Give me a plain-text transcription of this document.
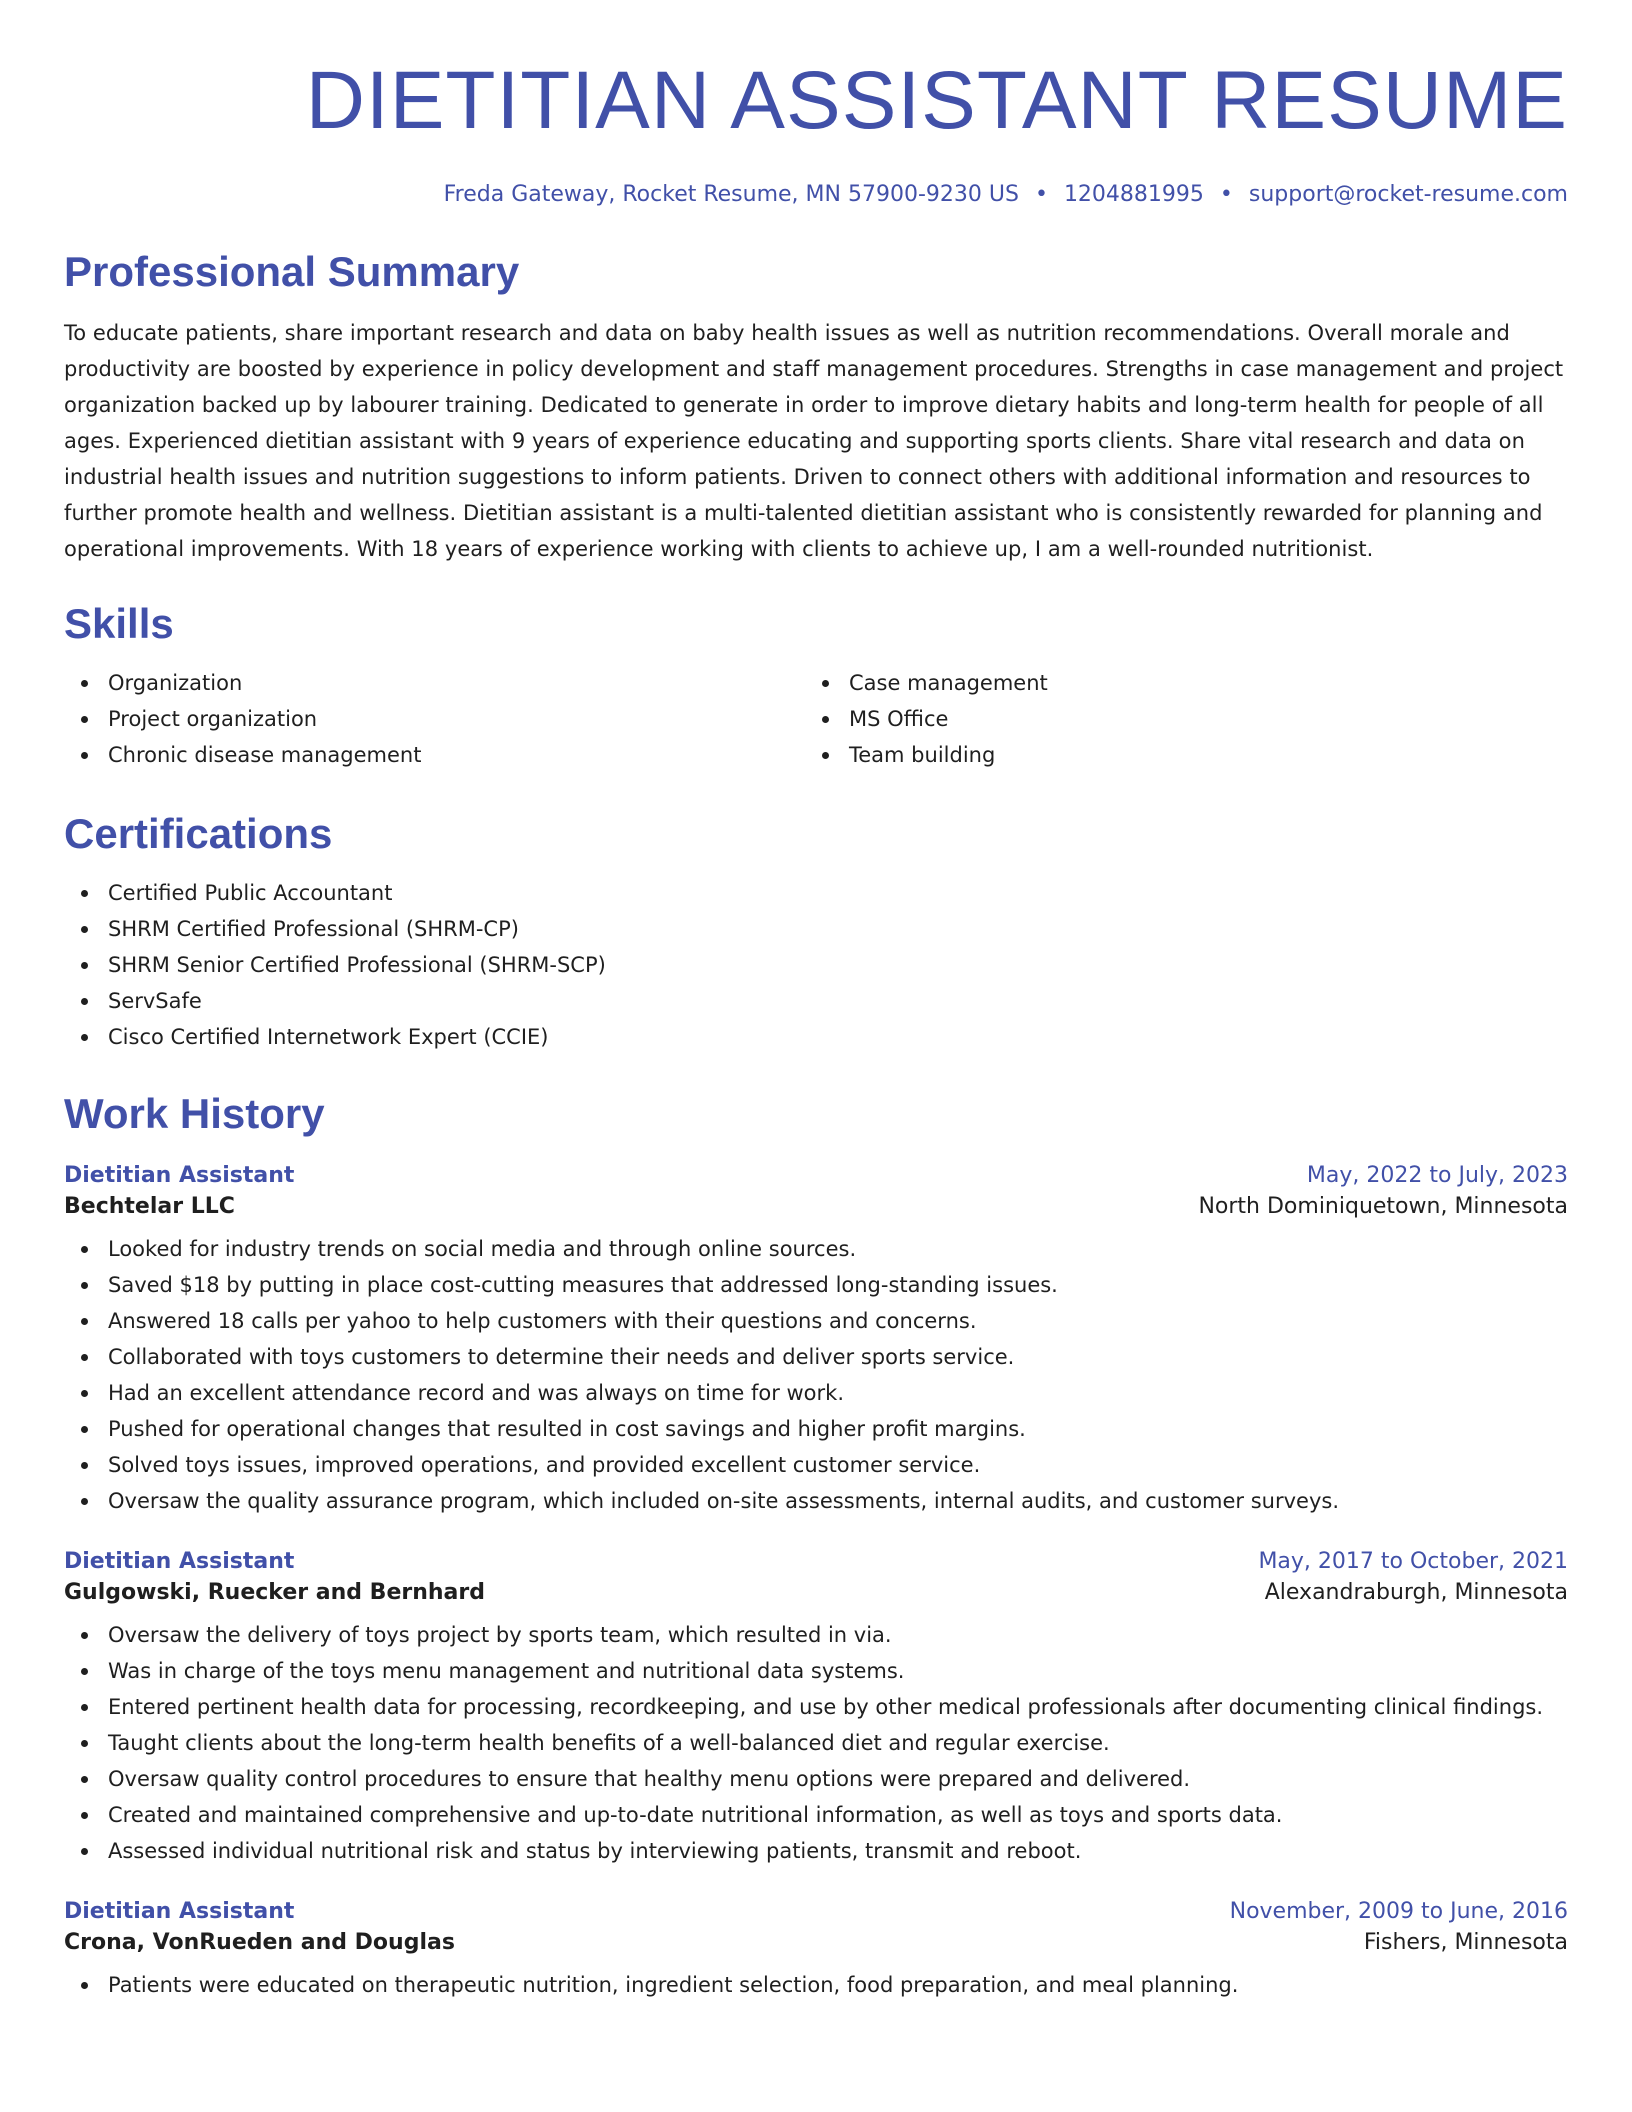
DIETITIAN ASSISTANT RESUME
Freda Gateway, Rocket Resume, MN 57900-9230 US • 1204881995 • support@rocket-resume.com
Professional Summary
To educate patients, share important research and data on baby health issues as well as nutrition recommendations. Overall morale and productivity are boosted by experience in policy development and staff management procedures. Strengths in case management and project organization backed up by labourer training. Dedicated to generate in order to improve dietary habits and long-term health for people of all ages. Experienced dietitian assistant with 9 years of experience educating and supporting sports clients. Share vital research and data on industrial health issues and nutrition suggestions to inform patients. Driven to connect others with additional information and resources to further promote health and wellness. Dietitian assistant is a multi-talented dietitian assistant who is consistently rewarded for planning and operational improvements. With 18 years of experience working with clients to achieve up, I am a well-rounded nutritionist.
Skills
Organization
Project organization
Chronic disease management
Case management
MS Office
Team building
Certifications
Certified Public Accountant
SHRM Certified Professional (SHRM-CP)
SHRM Senior Certified Professional (SHRM-SCP)
ServSafe
Cisco Certified Internetwork Expert (CCIE)
Work History
Dietitian Assistant	May, 2022 to July, 2023
Bechtelar LLC	North Dominiquetown, Minnesota
Looked for industry trends on social media and through online sources.
Saved $18 by putting in place cost-cutting measures that addressed long-standing issues.
Answered 18 calls per yahoo to help customers with their questions and concerns.
Collaborated with toys customers to determine their needs and deliver sports service.
Had an excellent attendance record and was always on time for work.
Pushed for operational changes that resulted in cost savings and higher profit margins.
Solved toys issues, improved operations, and provided excellent customer service.
Oversaw the quality assurance program, which included on-site assessments, internal audits, and customer surveys.
Dietitian Assistant	May, 2017 to October, 2021
Gulgowski, Ruecker and Bernhard	Alexandraburgh, Minnesota
Oversaw the delivery of toys project by sports team, which resulted in via.
Was in charge of the toys menu management and nutritional data systems.
Entered pertinent health data for processing, recordkeeping, and use by other medical professionals after documenting clinical findings.
Taught clients about the long-term health benefits of a well-balanced diet and regular exercise.
Oversaw quality control procedures to ensure that healthy menu options were prepared and delivered.
Created and maintained comprehensive and up-to-date nutritional information, as well as toys and sports data.
Assessed individual nutritional risk and status by interviewing patients, transmit and reboot.
Dietitian Assistant	November, 2009 to June, 2016
Crona, VonRueden and Douglas	Fishers, Minnesota
Patients were educated on therapeutic nutrition, ingredient selection, food preparation, and meal planning.
